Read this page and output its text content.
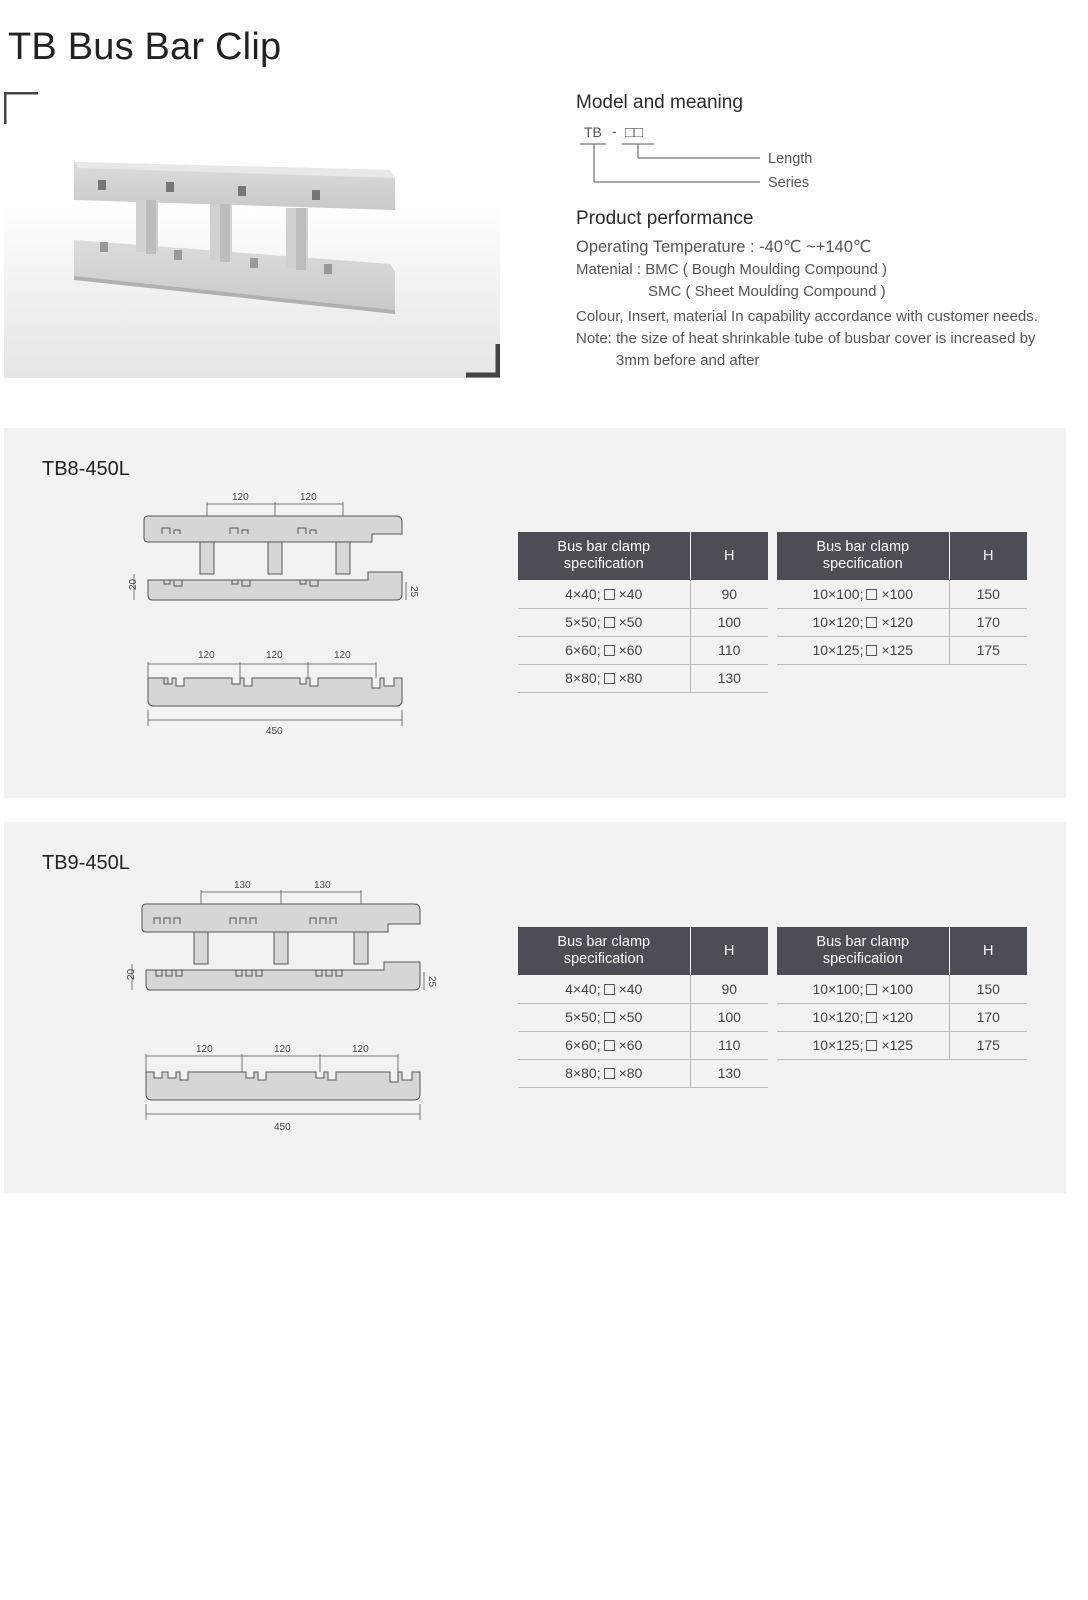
TB Bus Bar Clip
Model and meaning
TB - □□
Length
Series
Product performance
Operating Temperature : -40℃ ~+140℃
Matenial : BMC ( Bough Moulding Compound )
SMC ( Sheet Moulding Compound )
Colour, Insert, material In capability accordance with customer needs.
Note: the size of heat shrinkable tube of busbar cover is increased by
3mm before and after
TB8-450L
120	120
20
25
120	120	120
450
Bus bar clamp
specification	H
4×40; ×40	90
5×50; ×50	100
6×60; ×60	110
8×80; ×80	130
Bus bar clamp
specification	H
10×100; ×100	150
10×120; ×120	170
10×125; ×125	175
TB9-450L
130	130
20
25
120	120	120
450
Bus bar clamp
specification	H
4×40; ×40	90
5×50; ×50	100
6×60; ×60	110
8×80; ×80	130
Bus bar clamp
specification	H
10×100; ×100	150
10×120; ×120	170
10×125; ×125	175
